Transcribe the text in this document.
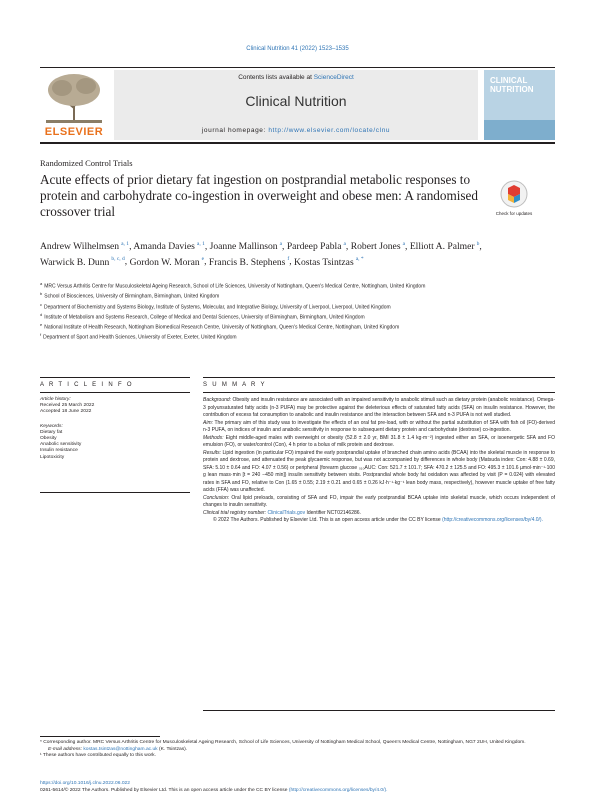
Clinical Nutrition 41 (2022) 1523–1535
ELSEVIER
Contents lists available at ScienceDirect
Clinical Nutrition
journal homepage: http://www.elsevier.com/locate/clnu
CLINICAL NUTRITION
Randomized Control Trials
Acute effects of prior dietary fat ingestion on postprandial metabolic responses to protein and carbohydrate co-ingestion in overweight and obese men: A randomised crossover trial	Check for updates
Andrew Wilhelmsen $^{a, 1}$, Amanda Davies $^{a, 1}$, Joanne Mallinson $^a$, Pardeep Pabla $^a$, Robert Jones $^a$, Elliott A. Palmer $^b$, Warwick B. Dunn $^{b, c, d}$, Gordon W. Moran $^e$, Francis B. Stephens $^f$, Kostas Tsintzas $^{a, *}$

$^a$MRC Versus Arthritis Centre for Musculoskeletal Ageing Research, School of Life Sciences, University of Nottingham, Queen's Medical Centre, Nottingham, United Kingdom

$^b$School of Biosciences, University of Birmingham, Birmingham, United Kingdom

$^c$Department of Biochemistry and Systems Biology, Institute of Systems, Molecular, and Integrative Biology, University of Liverpool, Liverpool, United Kingdom

$^d$Institute of Metabolism and Systems Research, College of Medical and Dental Sciences, University of Birmingham, Birmingham, United Kingdom

$^e$National Institute of Health Research, Nottingham Biomedical Research Centre, University of Nottingham, Queen's Medical Centre, Nottingham, United Kingdom

$^f$Department of Sport and Health Sciences, University of Exeter, Exeter, United Kingdom

A R T I C L E I N F O	S U M M A R Y
Article history:
Received 25 March 2022
Accepted 18 June 2022
Keywords:
Dietary fat
Obesity
Anabolic sensitivity
Insulin resistance
Lipotoxicity

Background: Obesity and insulin resistance are associated with an impaired sensitivity to anabolic stimuli such as dietary protein (anabolic resistance). Omega-3 polyunsaturated fatty acids (n-3 PUFA) may be protective against the deleterious effects of saturated fatty acids (SFA) on insulin resistance. However, the contribution of excess fat consumption to anabolic and insulin resistance and the interaction between SFA and n-3 PUFA is not well studied.

Aim: The primary aim of this study was to investigate the effects of an oral fat pre-load, with or without the partial substitution of SFA with fish oil (FO)-derived n-3 PUFA, on indices of insulin and anabolic sensitivity in response to subsequent dietary protein and carbohydrate (dextrose) co-ingestion.

Methods: Eight middle-aged males with overweight or obesity (52.8 ± 2.0 yr, BMI 31.8 ± 1.4 kg·m⁻²) ingested either an SFA, or isoenergetic SFA and FO emulsion (FO), or water/control (Con), 4 h prior to a bolus of milk protein and dextrose.

Results: Lipid ingestion (in particular FO) impaired the early postprandial uptake of branched chain amino acids (BCAA) into the skeletal muscle in response to protein and dextrose, and attenuated the peak glycaemic response, but was not accompanied by differences in whole body (Matsuda index: Con: 4.88 ± 0.69, SFA: 5.10 ± 0.64 and FO: 4.07 ± 0.56) or peripheral (forearm glucose ₀₁₀AUC: Con: 521.7 ± 101.7; SFA: 470.2 ± 125.5 and FO: 495.3 ± 101.6 µmol·min⁻¹·100 g lean mass·min [t = 240 −450 min]) insulin sensitivity between visits. Postprandial whole body fat oxidation was affected by visit (P = 0.024) with elevated rates in SFA and FO, relative to Con (1.65 ± 0.55; 2.19 ± 0.21 and 0.65 ± 0.26 kJ·h⁻¹·kg⁻¹ lean body mass, respectively), however muscle uptake of free fatty acids (FFA) was unaffected.

Conclusion: Oral lipid preloads, consisting of SFA and FO, impair the early postprandial BCAA uptake into skeletal muscle, which occurs independent of changes to insulin sensitivity.

Clinical trial registry number: ClinicalTrials.gov Identifier NCT02146286.

© 2022 The Authors. Published by Elsevier Ltd. This is an open access article under the CC BY license (http://creativecommons.org/licenses/by/4.0/).

* Corresponding author. MRC Versus Arthritis Centre for Musculoskeletal Ageing Research, School of Life Sciences, University of Nottingham Medical School, Queen's Medical Centre, Nottingham, NG7 2UH, United Kingdom.

E-mail address: kostas.tsintzas@nottingham.ac.uk (K. Tsintzas).

¹ These authors have contributed equally to this work.

https://doi.org/10.1016/j.clnu.2022.06.022

0261-5614/© 2022 The Authors. Published by Elsevier Ltd. This is an open access article under the CC BY license (http://creativecommons.org/licenses/by/4.0/).
